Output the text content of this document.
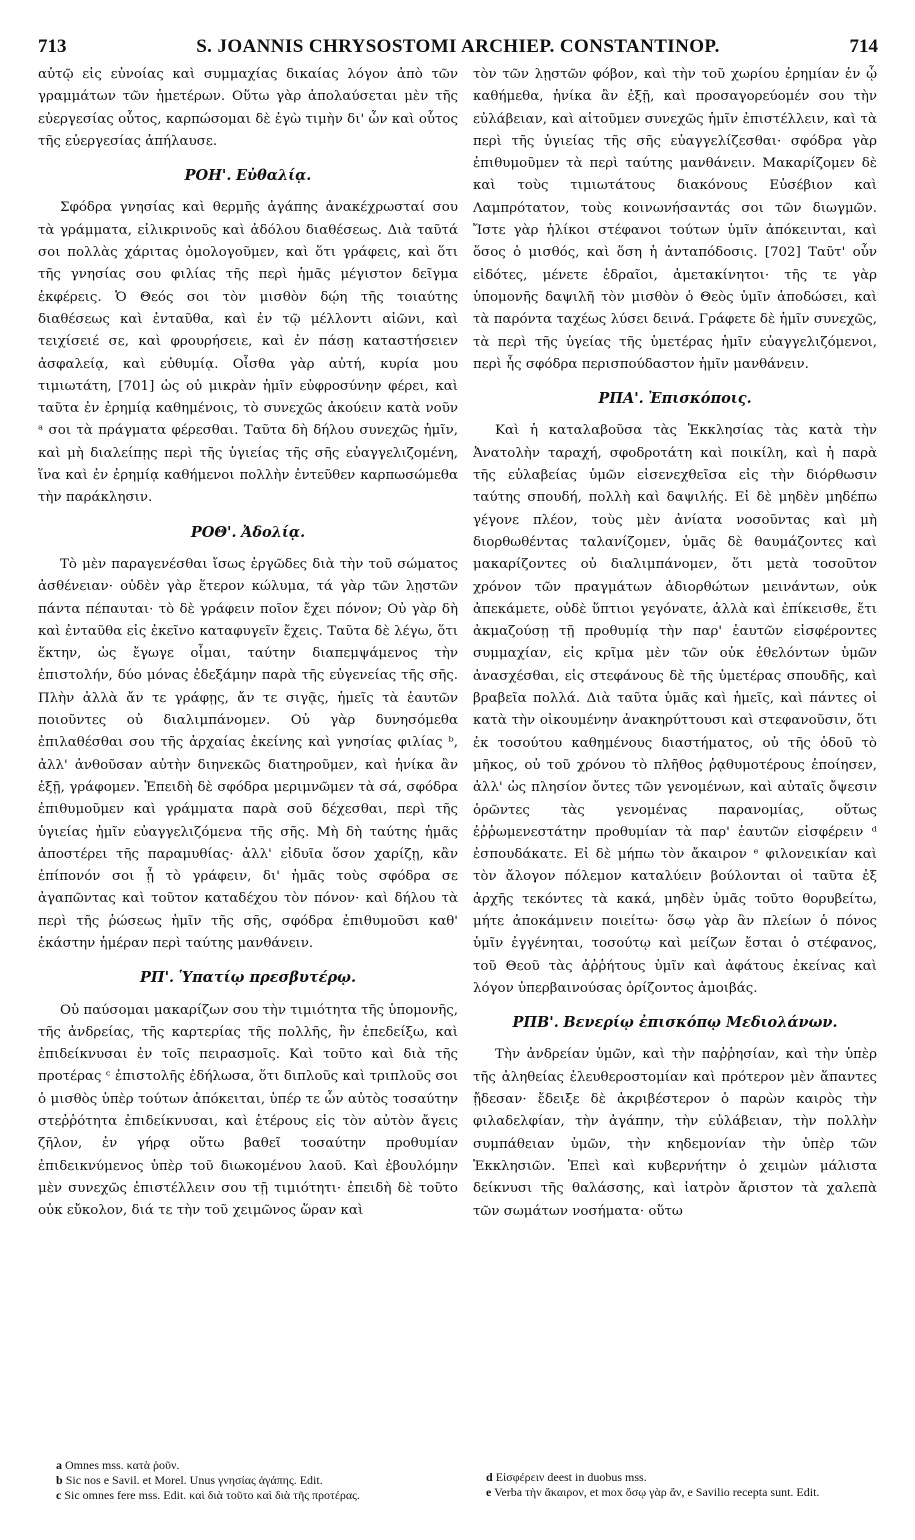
713	S. JOANNIS CHRYSOSTOMI ARCHIEP. CONSTANTINOP.	714

αὐτῷ εἰς εὐνοίας καὶ συμμαχίας δικαίας λόγον ἀπὸ τῶν γραμμάτων τῶν ἡμετέρων. Οὕτω γὰρ ἀπολαύσεται μὲν τῆς εὐεργεσίας οὗτος, καρπώσομαι δὲ ἐγὼ τιμὴν δι' ὧν καὶ οὗτος τῆς εὐεργεσίας ἀπήλαυσε.

ΡΟΗ'. Εὐθαλίᾳ.

Σφόδρα γνησίας καὶ θερμῆς ἀγάπης ἀνακέχρωσταί σου τὰ γράμματα, εἰλικρινοῦς καὶ ἀδόλου διαθέσεως. Διὰ ταῦτά σοι πολλὰς χάριτας ὁμολογοῦμεν, καὶ ὅτι γράφεις, καὶ ὅτι τῆς γνησίας σου φιλίας τῆς περὶ ἡμᾶς μέγιστον δεῖγμα ἐκφέρεις. Ὁ Θεός σοι τὸν μισθὸν δῴη τῆς τοιαύτης διαθέσεως καὶ ἐνταῦθα, καὶ ἐν τῷ μέλλοντι αἰῶνι, καὶ τειχίσειέ σε, καὶ φρουρήσειε, καὶ ἐν πάσῃ καταστήσειεν ἀσφαλείᾳ, καὶ εὐθυμίᾳ. Οἶσθα γὰρ αὐτή, κυρία μου τιμιωτάτη, [701] ὡς οὐ μικρὰν ἡμῖν εὐφροσύνην φέρει, καὶ ταῦτα ἐν ἐρημίᾳ καθημένοις, τὸ συνεχῶς ἀκούειν κατὰ νοῦν ᵃ σοι τὰ πράγματα φέρεσθαι. Ταῦτα δὴ δήλου συνεχῶς ἡμῖν, καὶ μὴ διαλείπῃς περὶ τῆς ὑγιείας τῆς σῆς εὐαγγελιζομένη, ἵνα καὶ ἐν ἐρημίᾳ καθήμενοι πολλὴν ἐντεῦθεν καρπωσώμεθα τὴν παράκλησιν.

ΡΟΘ'. Ἀδολίᾳ.

Τὸ μὲν παραγενέσθαι ἴσως ἐργῶδες διὰ τὴν τοῦ σώματος ἀσθένειαν· οὐδὲν γὰρ ἕτερον κώλυμα, τά γὰρ τῶν λῃστῶν πάντα πέπαυται· τὸ δὲ γράφειν ποῖον ἔχει πόνον; Οὐ γὰρ δὴ καὶ ἐνταῦθα εἰς ἐκεῖνο καταφυγεῖν ἔχεις. Ταῦτα δὲ λέγω, ὅτι ἕκτην, ὡς ἔγωγε οἶμαι, ταύτην διαπεμψάμενος τὴν ἐπιστολήν, δύο μόνας ἐδεξάμην παρὰ τῆς εὐγενείας τῆς σῆς. Πλὴν ἀλλὰ ἄν τε γράφῃς, ἄν τε σιγᾷς, ἡμεῖς τὰ ἑαυτῶν ποιοῦντες οὐ διαλιμπάνομεν. Οὐ γὰρ δυνησόμεθα ἐπιλαθέσθαι σου τῆς ἀρχαίας ἐκείνης καὶ γνησίας φιλίας ᵇ, ἀλλ' ἀνθοῦσαν αὐτὴν διηνεκῶς διατηροῦμεν, καὶ ἡνίκα ἂν ἐξῇ, γράφομεν. Ἐπειδὴ δὲ σφόδρα μεριμνῶμεν τὰ σά, σφόδρα ἐπιθυμοῦμεν καὶ γράμματα παρὰ σοῦ δέχεσθαι, περὶ τῆς ὑγιείας ἡμῖν εὐαγγελιζόμενα τῆς σῆς. Μὴ δὴ ταύτης ἡμᾶς ἀποστέρει τῆς παραμυθίας· ἀλλ' εἰδυῖα ὅσον χαρίζῃ, κἂν ἐπίπονόν σοι ᾖ τὸ γράφειν, δι' ἡμᾶς τοὺς σφόδρα σε ἀγαπῶντας καὶ τοῦτον καταδέχου τὸν πόνον· καὶ δήλου τὰ περὶ τῆς ῥώσεως ἡμῖν τῆς σῆς, σφόδρα ἐπιθυμοῦσι καθ' ἑκάστην ἡμέραν περὶ ταύτης μανθάνειν.

ΡΠ'. Ὑπατίῳ πρεσβυτέρῳ.

Οὐ παύσομαι μακαρίζων σου τὴν τιμιότητα τῆς ὑπομονῆς, τῆς ἀνδρείας, τῆς καρτερίας τῆς πολλῆς, ἣν ἐπεδείξω, καὶ ἐπιδείκνυσαι ἐν τοῖς πειρασμοῖς. Καὶ τοῦτο καὶ διὰ τῆς προτέρας ᶜ ἐπιστολῆς ἐδήλωσα, ὅτι διπλοῦς καὶ τριπλοῦς σοι ὁ μισθὸς ὑπὲρ τούτων ἀπόκειται, ὑπέρ τε ὧν αὐτὸς τοσαύτην στεῤῥότητα ἐπιδείκνυσαι, καὶ ἑτέρους εἰς τὸν αὐτὸν ἄγεις ζῆλον, ἐν γήρᾳ οὕτω βαθεῖ τοσαύτην προθυμίαν ἐπιδεικνύμενος ὑπὲρ τοῦ διωκομένου λαοῦ. Καὶ ἐβουλόμην μὲν συνεχῶς ἐπιστέλλειν σου τῇ τιμιότητι· ἐπειδὴ δὲ τοῦτο οὐκ εὔκολον, διά τε τὴν τοῦ χειμῶνος ὥραν καὶ

τὸν τῶν λῃστῶν φόβον, καὶ τὴν τοῦ χωρίου ἐρημίαν ἐν ᾧ καθήμεθα, ἡνίκα ἂν ἐξῇ, καὶ προσαγορεύομέν σου τὴν εὐλάβειαν, καὶ αἰτοῦμεν συνεχῶς ἡμῖν ἐπιστέλλειν, καὶ τὰ περὶ τῆς ὑγιείας τῆς σῆς εὐαγγελίζεσθαι· σφόδρα γὰρ ἐπιθυμοῦμεν τὰ περὶ ταύτης μανθάνειν. Μακαρίζομεν δὲ καὶ τοὺς τιμιωτάτους διακόνους Εὐσέβιον καὶ Λαμπρότατον, τοὺς κοινωνήσαντάς σοι τῶν διωγμῶν. Ἴστε γὰρ ἡλίκοι στέφανοι τούτων ὑμῖν ἀπόκεινται, καὶ ὅσος ὁ μισθός, καὶ ὅση ἡ ἀνταπόδοσις. [702] Ταῦτ' οὖν εἰδότες, μένετε ἑδραῖοι, ἀμετακίνητοι· τῆς τε γὰρ ὑπομονῆς δαψιλῆ τὸν μισθὸν ὁ Θεὸς ὑμῖν ἀποδώσει, καὶ τὰ παρόντα ταχέως λύσει δεινά. Γράφετε δὲ ἡμῖν συνεχῶς, τὰ περὶ τῆς ὑγείας τῆς ὑμετέρας ἡμῖν εὐαγγελιζόμενοι, περὶ ἧς σφόδρα περισπούδαστον ἡμῖν μανθάνειν.

ΡΠΑ'. Ἐπισκόποις.

Καὶ ἡ καταλαβοῦσα τὰς Ἐκκλησίας τὰς κατὰ τὴν Ἀνατολὴν ταραχή, σφοδροτάτη καὶ ποικίλη, καὶ ἡ παρὰ τῆς εὐλαβείας ὑμῶν εἰσενεχθεῖσα εἰς τὴν διόρθωσιν ταύτης σπουδή, πολλὴ καὶ δαψιλής. Εἰ δὲ μηδὲν μηδέπω γέγονε πλέον, τοὺς μὲν ἀνίατα νοσοῦντας καὶ μὴ διορθωθέντας ταλανίζομεν, ὑμᾶς δὲ θαυμάζοντες καὶ μακαρίζοντες οὐ διαλιμπάνομεν, ὅτι μετὰ τοσοῦτον χρόνον τῶν πραγμάτων ἀδιορθώτων μεινάντων, οὐκ ἀπεκάμετε, οὐδὲ ὕπτιοι γεγόνατε, ἀλλὰ καὶ ἐπίκεισθε, ἔτι ἀκμαζούσῃ τῇ προθυμίᾳ τὴν παρ' ἑαυτῶν εἰσφέροντες συμμαχίαν, εἰς κρῖμα μὲν τῶν οὐκ ἐθελόντων ὑμῶν ἀνασχέσθαι, εἰς στεφάνους δὲ τῆς ὑμετέρας σπουδῆς, καὶ βραβεῖα πολλά. Διὰ ταῦτα ὑμᾶς καὶ ἡμεῖς, καὶ πάντες οἱ κατὰ τὴν οἰκουμένην ἀνακηρύττουσι καὶ στεφανοῦσιν, ὅτι ἐκ τοσούτου καθημένους διαστήματος, οὐ τῆς ὁδοῦ τὸ μῆκος, οὐ τοῦ χρόνου τὸ πλῆθος ῥᾳθυμοτέρους ἐποίησεν, ἀλλ' ὡς πλησίον ὄντες τῶν γενομένων, καὶ αὐταῖς ὄψεσιν ὁρῶντες τὰς γενομένας παρανομίας, οὕτως ἐῤῥωμενεστάτην προθυμίαν τὰ παρ' ἑαυτῶν εἰσφέρειν ᵈ ἐσπουδάκατε. Εἰ δὲ μήπω τὸν ἄκαιρον ᵉ φιλονεικίαν καὶ τὸν ἄλογον πόλεμον καταλύειν βούλονται οἱ ταῦτα ἐξ ἀρχῆς τεκόντες τὰ κακά, μηδὲν ὑμᾶς τοῦτο θορυβείτω, μήτε ἀποκάμνειν ποιείτω· ὅσῳ γὰρ ἂν πλείων ὁ πόνος ὑμῖν ἐγγένηται, τοσούτῳ καὶ μείζων ἔσται ὁ στέφανος, τοῦ Θεοῦ τὰς ἀῤῥήτους ὑμῖν καὶ ἀφάτους ἐκείνας καὶ λόγον ὑπερβαινούσας ὁρίζοντος ἀμοιβάς.

ΡΠΒ'. Βενερίῳ ἐπισκόπῳ Μεδιολάνων.

Τὴν ἀνδρείαν ὑμῶν, καὶ τὴν παῤῥησίαν, καὶ τὴν ὑπὲρ τῆς ἀληθείας ἐλευθεροστομίαν καὶ πρότερον μὲν ἅπαντες ᾔδεσαν· ἔδειξε δὲ ἀκριβέστερον ὁ παρὼν καιρὸς τὴν φιλαδελφίαν, τὴν ἀγάπην, τὴν εὐλάβειαν, τὴν πολλὴν συμπάθειαν ὑμῶν, τὴν κηδεμονίαν τὴν ὑπὲρ τῶν Ἐκκλησιῶν. Ἐπεὶ καὶ κυβερνήτην ὁ χειμὼν μάλιστα δείκνυσι τῆς θαλάσσης, καὶ ἰατρὸν ἄριστον τὰ χαλεπὰ τῶν σωμάτων νοσήματα· οὕτω

a Omnes mss. κατὰ ῥοῦν.
b Sic nos e Savil. et Morel. Unus γνησίας ἀγάπης. Edit.
c Sic omnes fere mss. Edit. καὶ διὰ τοῦτο καὶ διὰ τῆς προτέρας.
d Εἰσφέρειν deest in duobus mss.
e Verba τὴν ἄκαιρον, et mox ὅσῳ γὰρ ἄν, e Savilio recepta sunt. Edit.
